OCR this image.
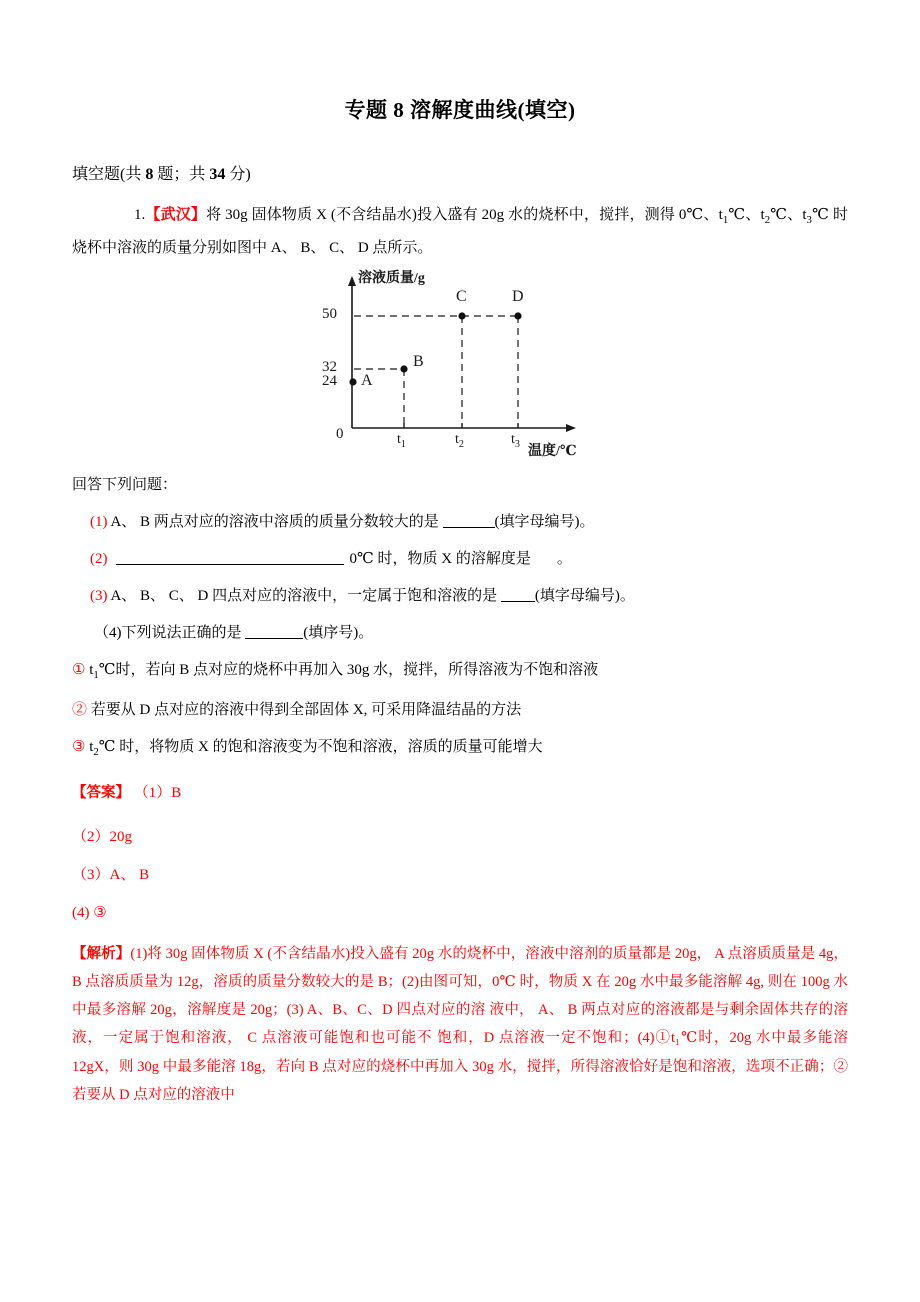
专题 8 溶解度曲线(填空)

填空题(共 8 题；共 34 分)

1.【武汉】将 30g 固体物质 X (不含结晶水)投入盛有 20g 水的烧杯中，搅拌，测得 0℃、$t_1℃$、$t_2℃$、$t_3℃$ 时烧杯中溶液的质量分别如图中 A、 B、 C、 D 点所示。

溶液质量/g
温度/℃
50
32
24
0	$t_1$	$t_2$	$t_3$
A
B
C	D

回答下列问题：

(1) A、 B 两点对应的溶液中溶质的质量分数较大的是	(填字母编号)。

(2)	0℃ 时，物质 X 的溶解度是 。

(3) A、 B、 C、 D 四点对应的溶液中，一定属于饱和溶液的是 (填字母编号)。

（4)下列说法正确的是	(填序号)。

① $t_1℃$时，若向 B 点对应的烧杯中再加入 30g 水，搅拌，所得溶液为不饱和溶液

② 若要从 D 点对应的溶液中得到全部固体 X, 可采用降温结晶的方法

③ $t_2℃$ 时，将物质 X 的饱和溶液变为不饱和溶液，溶质的质量可能增大

【答案】 （1）B

（2）20g

（3）A、 B

(4) ③

【解析】(1)将 30g 固体物质 X (不含结晶水)投入盛有 20g 水的烧杯中，溶液中溶剂的质量都是 20g， A 点溶质质量是 4g，B 点溶质质量为 12g，溶质的质量分数较大的是 B；(2)由图可知，0℃ 时，物质 X 在 20g 水中最多能溶解 4g, 则在 100g 水中最多溶解 20g，溶解度是 20g；(3) A、B、C、D 四点对应的溶 液中， A、 B 两点对应的溶液都是与剩余固体共存的溶液，一定属于饱和溶液， C 点溶液可能饱和也可能不 饱和，D 点溶液一定不饱和；(4)①t₁℃时，20g 水中最多能溶 12gX，则 30g 中最多能溶 18g，若向 B 点对应的烧杯中再加入 30g 水，搅拌，所得溶液恰好是饱和溶液，选项不正确；②若要从 D 点对应的溶液中
